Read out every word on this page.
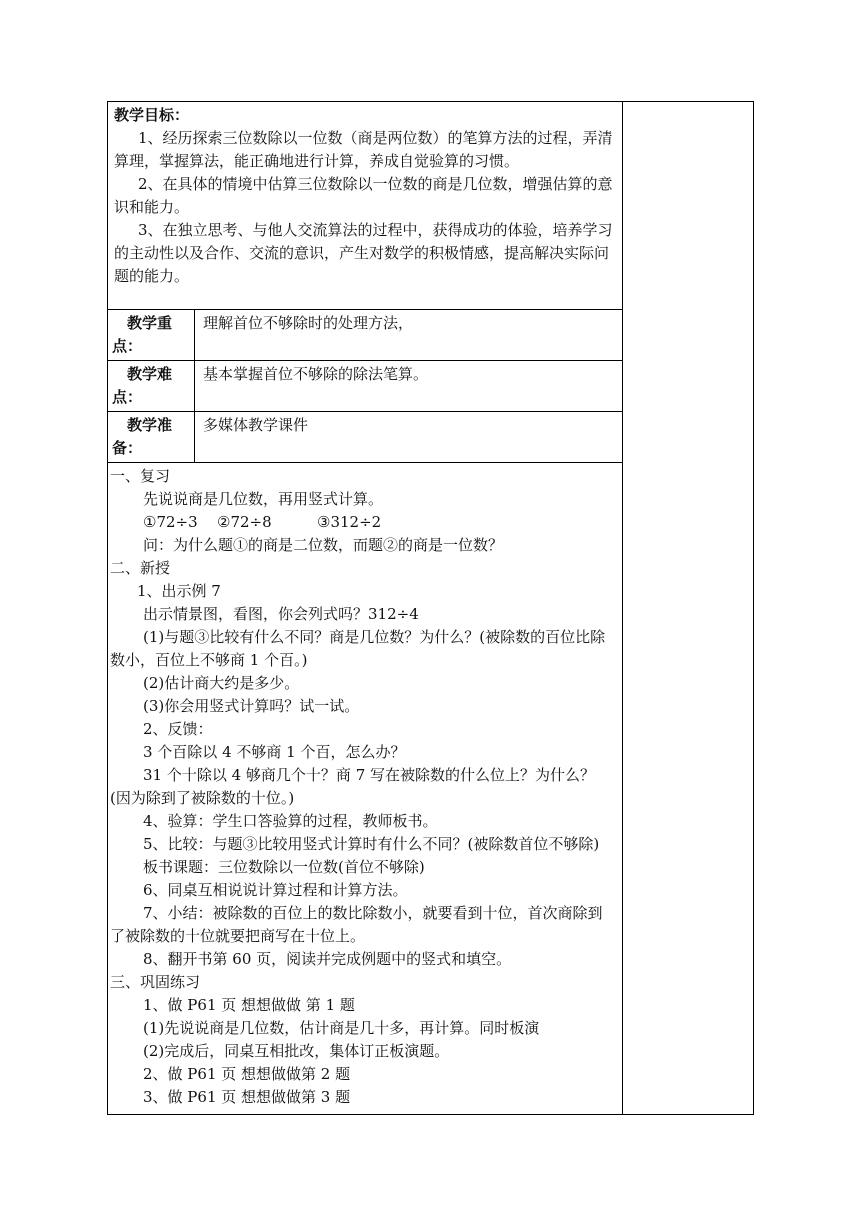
教学目标：
1、经历探索三位数除以一位数（商是两位数）的笔算方法的过程，弄清算理，掌握算法，能正确地进行计算，养成自觉验算的习惯。
2、在具体的情境中估算三位数除以一位数的商是几位数，增强估算的意识和能力。
3、在独立思考、与他人交流算法的过程中，获得成功的体验，培养学习的主动性以及合作、交流的意识，产生对数学的积极情感，提高解决实际问题的能力。

教学重点：
	理解首位不够除时的处理方法，

教学难点：
	基本掌握首位不够除的除法笔算。

教学准备：
	多媒体教学课件

一、复习
先说说商是几位数，再用竖式计算。
①72÷3 ②72÷8	③312÷2
问：为什么题①的商是二位数，而题②的商是一位数？
二、新授
1、出示例 7
出示情景图，看图，你会列式吗？312÷4
(1)与题③比较有什么不同？商是几位数？为什么？(被除数的百位比除数小，百位上不够商 1 个百。)
(2)估计商大约是多少。
(3)你会用竖式计算吗？试一试。
2、反馈：
3 个百除以 4 不够商 1 个百，怎么办？
31 个十除以 4 够商几个十？商 7 写在被除数的什么位上？为什么？(因为除到了被除数的十位。)
4、验算：学生口答验算的过程，教师板书。
5、比较：与题③比较用竖式计算时有什么不同？(被除数首位不够除)
板书课题：三位数除以一位数(首位不够除)
6、同桌互相说说计算过程和计算方法。
7、小结：被除数的百位上的数比除数小，就要看到十位，首次商除到了被除数的十位就要把商写在十位上。
8、翻开书第 60 页，阅读并完成例题中的竖式和填空。
三、巩固练习
1、做 P61 页 想想做做 第 1 题
(1)先说说商是几位数，估计商是几十多，再计算。同时板演
(2)完成后，同桌互相批改，集体订正板演题。
2、做 P61 页 想想做做第 2 题
3、做 P61 页 想想做做第 3 题
